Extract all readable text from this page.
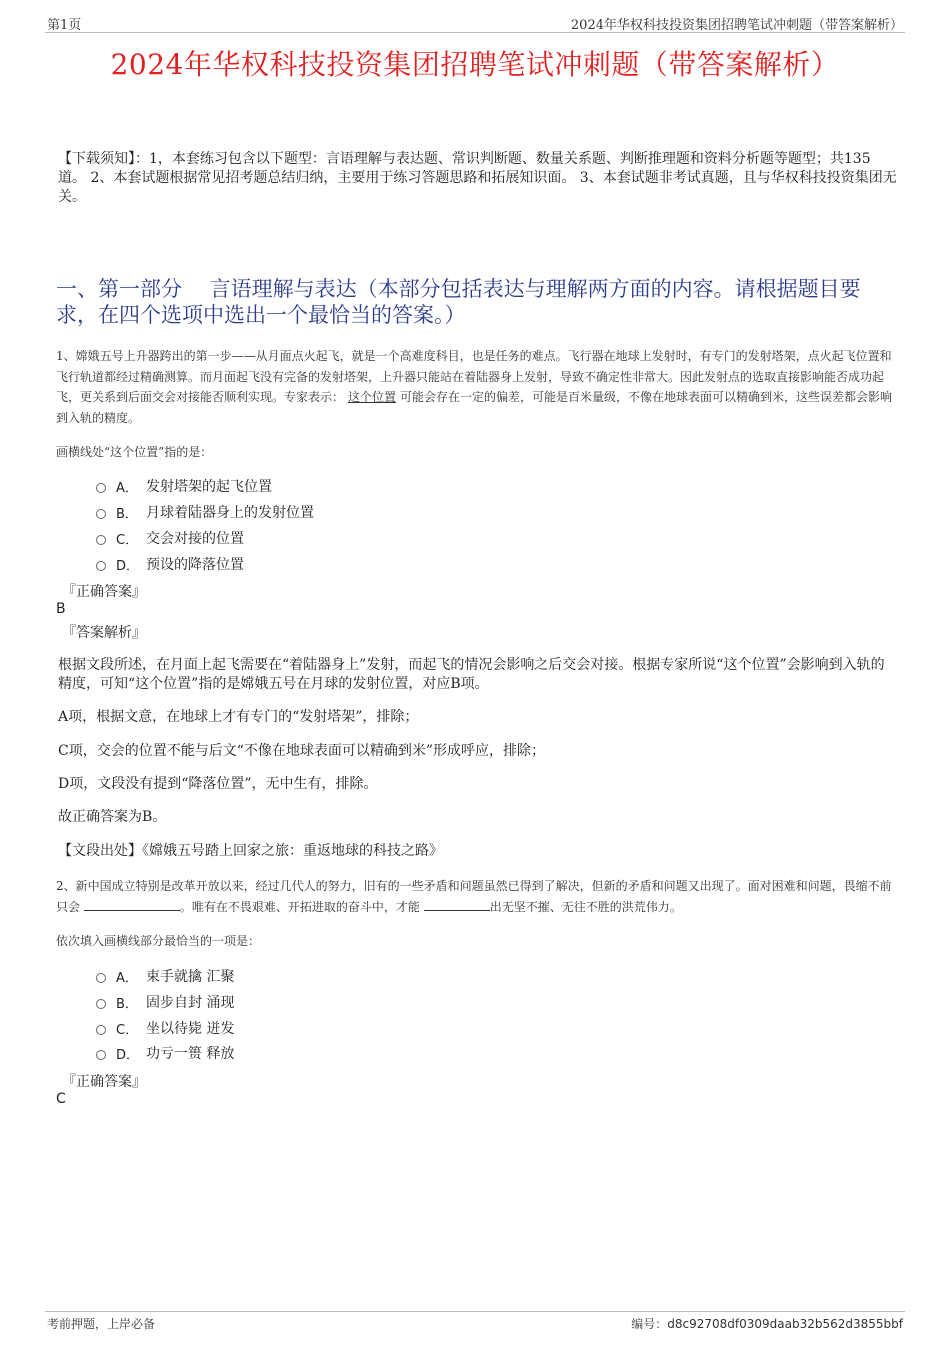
第1页	2024年华权科技投资集团招聘笔试冲刺题（带答案解析）
2024年华权科技投资集团招聘笔试冲刺题（带答案解析）
【下载须知】：1，本套练习包含以下题型：言语理解与表达题、常识判断题、数量关系题、判断推理题和资料分析题等题型；共135道。 2、本套试题根据常见招考题总结归纳，主要用于练习答题思路和拓展知识面。 3、本套试题非考试真题，且与华权科技投资集团无关。
一、第一部分　 言语理解与表达（本部分包括表达与理解两方面的内容。请根据题目要求，在四个选项中选出一个最恰当的答案。）
1、嫦娥五号上升器跨出的第一步——从月面点火起飞，就是一个高难度科目，也是任务的难点。飞行器在地球上发射时，有专门的发射塔架，点火起飞位置和飞行轨道都经过精确测算。而月面起飞没有完备的发射塔架，上升器只能站在着陆器身上发射，导致不确定性非常大。因此发射点的选取直接影响能否成功起飞，更关系到后面交会对接能否顺利实现。专家表示： 这个位置 可能会存在一定的偏差，可能是百米量级，不像在地球表面可以精确到米，这些误差都会影响到入轨的精度。
画横线处“这个位置”指的是：
A． 发射塔架的起飞位置
B． 月球着陆器身上的发射位置
C． 交会对接的位置
D． 预设的降落位置
『正确答案』
B
『答案解析』
根据文段所述，在月面上起飞需要在“着陆器身上”发射，而起飞的情况会影响之后交会对接。根据专家所说“这个位置”会影响到入轨的精度，可知“这个位置”指的是嫦娥五号在月球的发射位置，对应B项。
A项，根据文意，在地球上才有专门的“发射塔架”，排除；
C项，交会的位置不能与后文“不像在地球表面可以精确到米”形成呼应，排除；
D项，文段没有提到“降落位置”，无中生有，排除。
故正确答案为B。
【文段出处】《嫦娥五号踏上回家之旅：重返地球的科技之路》
2、新中国成立特别是改革开放以来，经过几代人的努力，旧有的一些矛盾和问题虽然已得到了解决，但新的矛盾和问题又出现了。面对困难和问题，畏缩不前只会	。唯有在不畏艰难、开拓进取的奋斗中，才能	出无坚不摧、无往不胜的洪荒伟力。
依次填入画横线部分最恰当的一项是：
A． 束手就擒 汇聚
B． 固步自封 涌现
C． 坐以待毙 迸发
D． 功亏一篑 释放
『正确答案』
C
考前押题，上岸必备	编号：d8c92708df0309daab32b562d3855bbf
